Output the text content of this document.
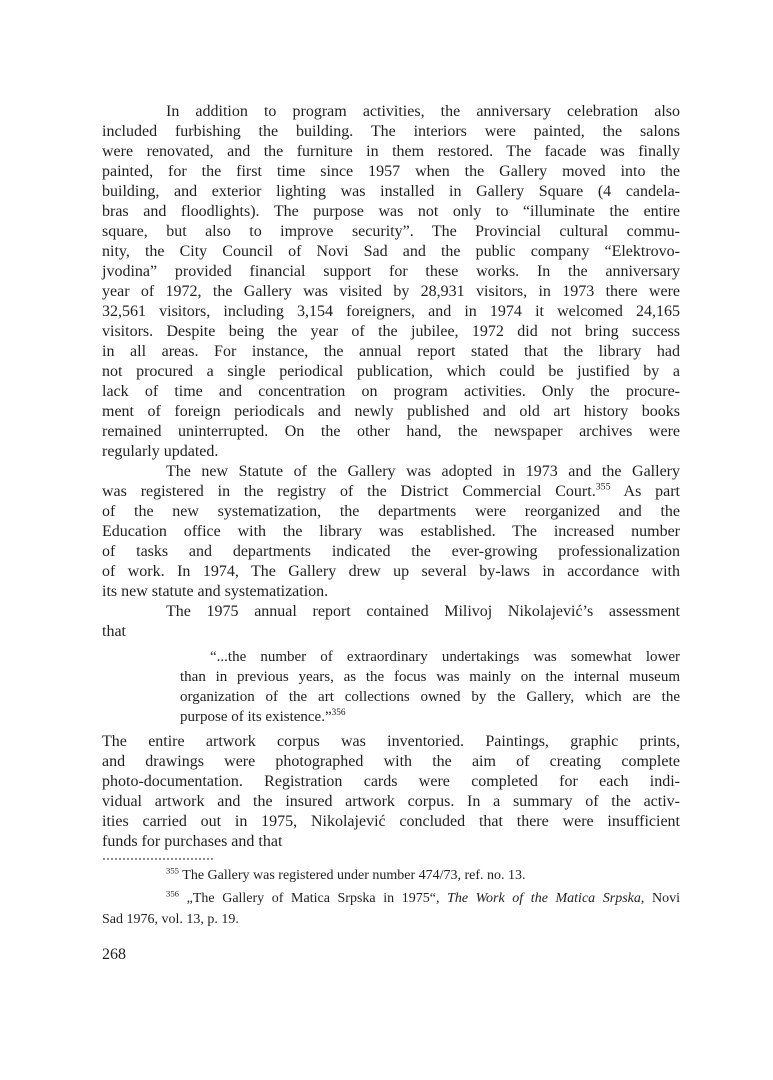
In addition to program activities, the anniversary celebration also
included furbishing the building. The interiors were painted, the salons
were renovated, and the furniture in them restored. The facade was finally
painted, for the first time since 1957 when the Gallery moved into the
building, and exterior lighting was installed in Gallery Square (4 candela-
bras and floodlights). The purpose was not only to “illuminate the entire
square, but also to improve security”. The Provincial cultural commu-
nity, the City Council of Novi Sad and the public company “Elektrovo-
jvodina” provided financial support for these works. In the anniversary
year of 1972, the Gallery was visited by 28,931 visitors, in 1973 there were
32,561 visitors, including 3,154 foreigners, and in 1974 it welcomed 24,165
visitors. Despite being the year of the jubilee, 1972 did not bring success
in all areas. For instance, the annual report stated that the library had
not procured a single periodical publication, which could be justified by a
lack of time and concentration on program activities. Only the procure-
ment of foreign periodicals and newly published and old art history books
remained uninterrupted. On the other hand, the newspaper archives were
regularly updated.
The new Statute of the Gallery was adopted in 1973 and the Gallery
was registered in the registry of the District Commercial Court.$^{355}$ As part
of the new systematization, the departments were reorganized and the
Education office with the library was established. The increased number
of tasks and departments indicated the ever-growing professionalization
of work. In 1974, The Gallery drew up several by-laws in accordance with
its new statute and systematization.
The 1975 annual report contained Milivoj Nikolajević’s assessment
that
“...the number of extraordinary undertakings was somewhat lower
than in previous years, as the focus was mainly on the internal museum
organization of the art collections owned by the Gallery, which are the
purpose of its existence.”$^{356}$
The entire artwork corpus was inventoried. Paintings, graphic prints,
and drawings were photographed with the aim of creating complete
photo-documentation. Registration cards were completed for each indi-
vidual artwork and the insured artwork corpus. In a summary of the activ-
ities carried out in 1975, Nikolajević concluded that there were insufficient
funds for purchases and that
$^{355}$ The Gallery was registered under number 474/73, ref. no. 13.
$^{356}$ „The Gallery of Matica Srpska in 1975“, The Work of the Matica Srpska, Novi
Sad 1976, vol. 13, p. 19.
268
